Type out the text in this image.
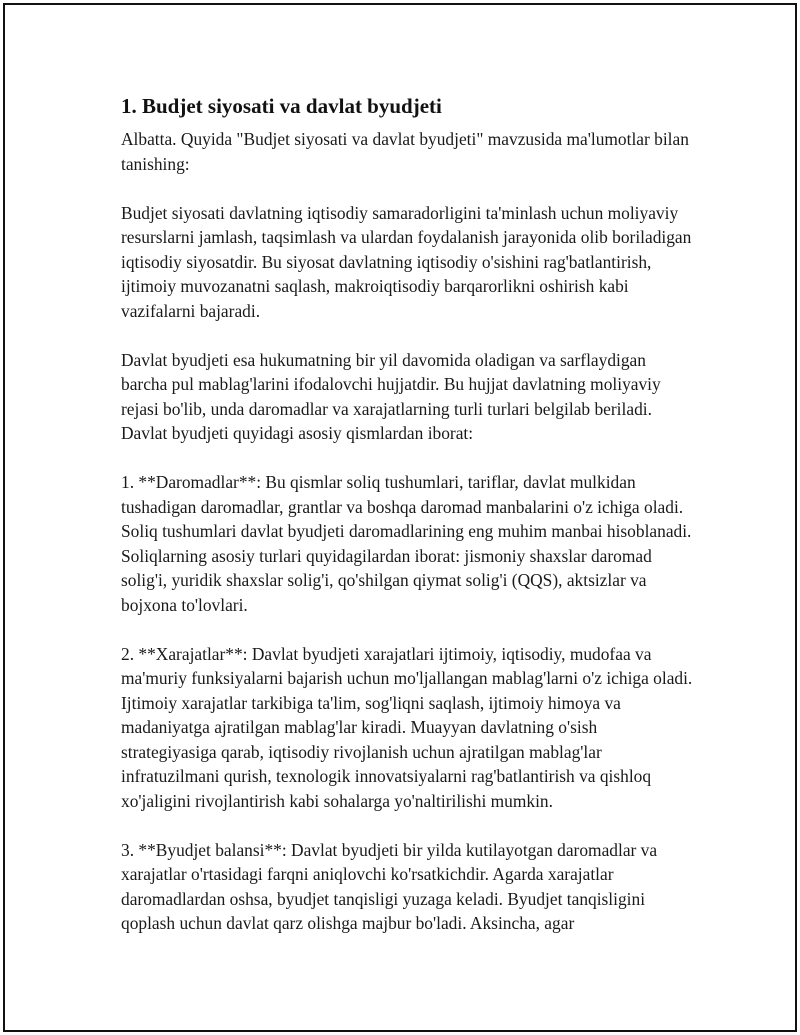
1. Budjet siyosati va davlat byudjeti

Albatta. Quyida "Budjet siyosati va davlat byudjeti" mavzusida ma'lumotlar bilan tanishing:

Budjet siyosati davlatning iqtisodiy samaradorligini ta'minlash uchun moliyaviy resurslarni jamlash, taqsimlash va ulardan foydalanish jarayonida olib boriladigan iqtisodiy siyosatdir. Bu siyosat davlatning iqtisodiy o'sishini rag'batlantirish, ijtimoiy muvozanatni saqlash, makroiqtisodiy barqarorlikni oshirish kabi vazifalarni bajaradi.

Davlat byudjeti esa hukumatning bir yil davomida oladigan va sarflaydigan barcha pul mablag'larini ifodalovchi hujjatdir. Bu hujjat davlatning moliyaviy rejasi bo'lib, unda daromadlar va xarajatlarning turli turlari belgilab beriladi. Davlat byudjeti quyidagi asosiy qismlardan iborat:

1. **Daromadlar**: Bu qismlar soliq tushumlari, tariflar, davlat mulkidan tushadigan daromadlar, grantlar va boshqa daromad manbalarini o'z ichiga oladi. Soliq tushumlari davlat byudjeti daromadlarining eng muhim manbai hisoblanadi. Soliqlarning asosiy turlari quyidagilardan iborat: jismoniy shaxslar daromad solig'i, yuridik shaxslar solig'i, qo'shilgan qiymat solig'i (QQS), aktsizlar va bojxona to'lovlari.

2. **Xarajatlar**: Davlat byudjeti xarajatlari ijtimoiy, iqtisodiy, mudofaa va ma'muriy funksiyalarni bajarish uchun mo'ljallangan mablag'larni o'z ichiga oladi. Ijtimoiy xarajatlar tarkibiga ta'lim, sog'liqni saqlash, ijtimoiy himoya va madaniyatga ajratilgan mablag'lar kiradi. Muayyan davlatning o'sish strategiyasiga qarab, iqtisodiy rivojlanish uchun ajratilgan mablag'lar infratuzilmani qurish, texnologik innovatsiyalarni rag'batlantirish va qishloq xo'jaligini rivojlantirish kabi sohalarga yo'naltirilishi mumkin.

3. **Byudjet balansi**: Davlat byudjeti bir yilda kutilayotgan daromadlar va xarajatlar o'rtasidagi farqni aniqlovchi ko'rsatkichdir. Agarda xarajatlar daromadlardan oshsa, byudjet tanqisligi yuzaga keladi. Byudjet tanqisligini qoplash uchun davlat qarz olishga majbur bo'ladi. Aksincha, agar
